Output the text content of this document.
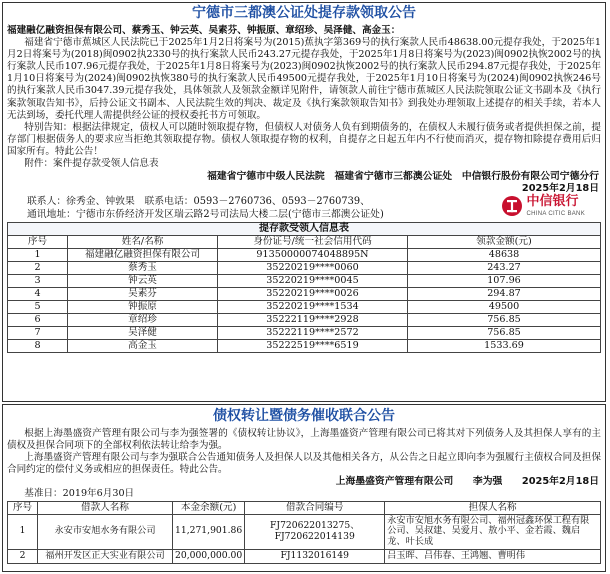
宁德市三都澳公证处提存款领取公告
福建融亿融资担保有限公司、蔡秀玉、钟云英、吴素芬、钟振原、章绍珍、吴泽健、高金玉：
福建省宁德市蕉城区人民法院已于2025年1月2日将案号为(2015)蕉执字第369号的执行案款人民币48638.00元提存我处，于2025年1月2日将案号为(2018)闽0902执2330号的执行案款人民币243.27元提存我处，于2025年1月8日将案号为(2023)闽0902执恢2002号的执行案款人民币107.96元提存我处，于2025年1月8日将案号为(2023)闽0902执恢2002号的执行案款人民币294.87元提存我处，于2025年1月10日将案号为(2024)闽0902执恢380号的执行案款人民币49500元提存我处，于2025年1月10日将案号为(2024)闽0902执恢246号的执行案款人民币3047.39元提存我处，具体领款人及领款金额详见附件，请领款人前往宁德市蕉城区人民法院领取公证文书副本及《执行案款领取告知书》，后持公证文书副本、人民法院生效的判决、裁定及《执行案款领取告知书》到我处办理领取上述提存的相关手续，若本人无法到场，委托代理人需提供经公证的授权委托书方可领取。
特别告知：根据法律规定，债权人可以随时领取提存物，但债权人对债务人负有到期债务的，在债权人未履行债务或者提供担保之前，提存部门根据债务人的要求应当拒绝其领取提存物。债权人领取提存物的权利，自提存之日起五年内不行使而消灭，提存物扣除提存费用后归国家所有。特此公告！
附件：案件提存款受领人信息表
福建省宁德市中级人民法院　福建省宁德市三都澳公证处　中信银行股份有限公司宁德分行
2025年2月18日
联系人：徐秀金、钟敦果　联系电话：0593－2760736、0593－2760739、
通讯地址：宁德市东侨经济开发区瑞云路2号司法局大楼二层(宁德市三都澳公证处)
中信银行
CHINA CITIC BANK
提存款受领人信息表
序号	姓名/名称	身份证号/统一社会信用代码	领款金额(元)
1	福建融亿融资担保有限公司	91350000074048895N	48638
2	蔡秀玉	35220219****0060	243.27
3	钟云英	35220219****0045	107.96
4	吴素芬	35220219****0026	294.87
5	钟振原	35220219****1534	49500
6	章绍珍	35222119****2928	756.85
7	吴泽健	35222119****2572	756.85
8	高金玉	35222519****6519	1533.69
债权转让暨债务催收联合公告
根据上海墨盛资产管理有限公司与李为强签署的《债权转让协议》，上海墨盛资产管理有限公司已将其对下列债务人及其担保人享有的主债权及担保合同项下的全部权利依法转让给李为强。
上海墨盛资产管理有限公司与李为强联合公告通知债务人及担保人以及其他相关各方，从公告之日起立即向李为强履行主债权合同及担保合同约定的偿付义务或相应的担保责任。特此公告。
上海墨盛资产管理有限公司　　李为强　　2025年2月18日
基准日：2019年6月30日
序号	借款人名称	本金余额(元)	借款合同编号	担保人名称
1	永安市安旭水务有限公司	11,271,901.86	FJ720622013275、FJ720622014139	永安市安旭水务有限公司、福州冠鑫环保工程有限公司、吴叔建、吴爱月、敖小平、金若霞、魏启龙、叶长成
2	福州开发区正大实业有限公司	20,000,000.00	FJ1132016149	吕玉晖、吕伟春、王鸿翘、曹明伟
